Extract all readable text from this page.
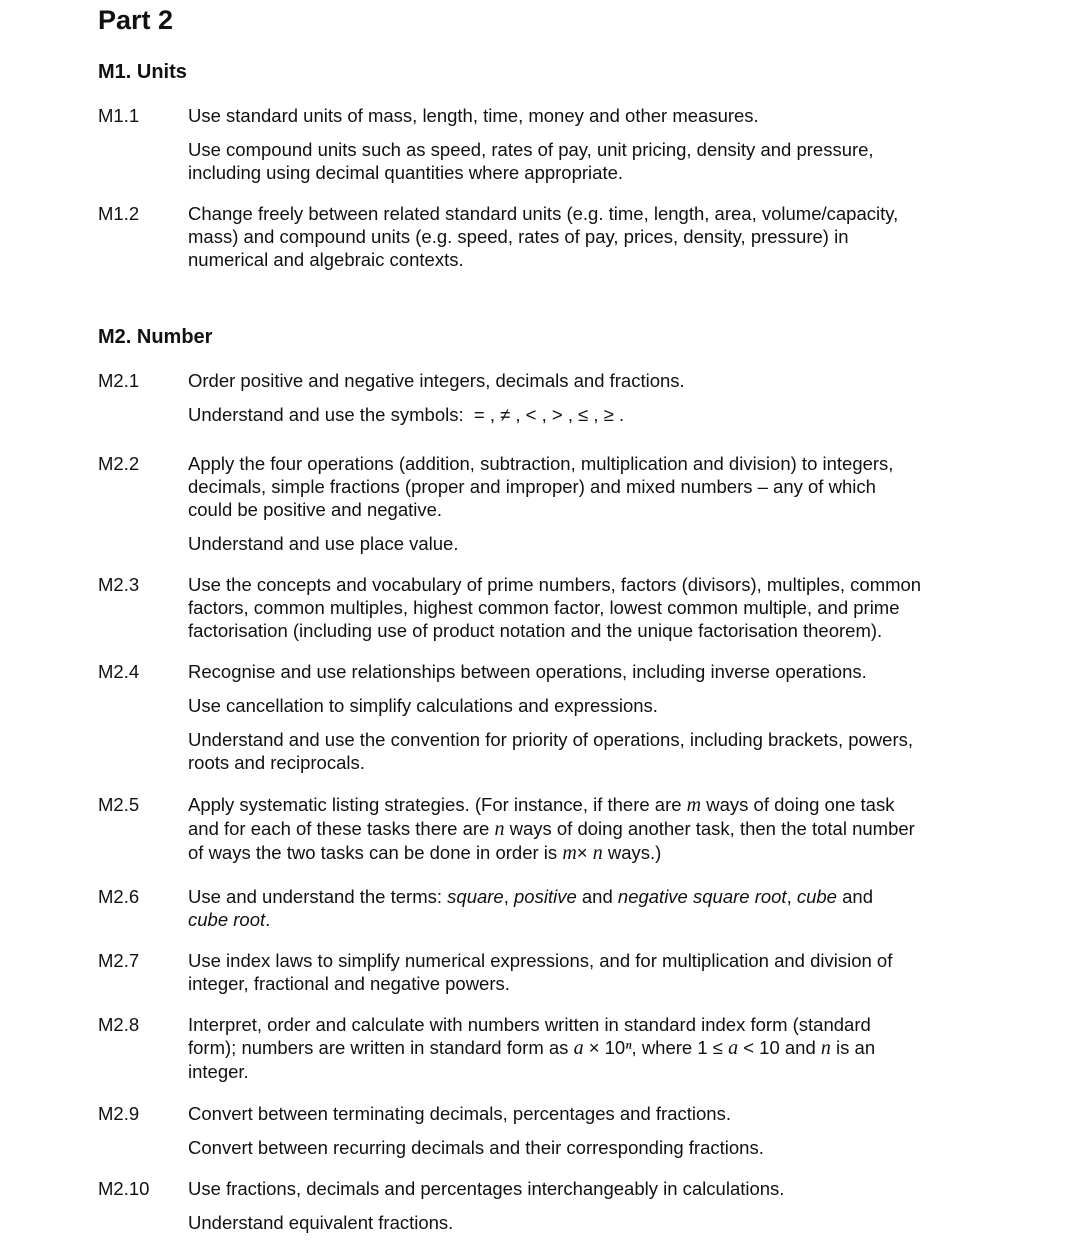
Part 2
M1. Units
M1.1	Use standard units of mass, length, time, money and other measures.

Use compound units such as speed, rates of pay, unit pricing, density and pressure,
including using decimal quantities where appropriate.

M1.2	Change freely between related standard units (e.g. time, length, area, volume/capacity,
mass) and compound units (e.g. speed, rates of pay, prices, density, pressure) in
numerical and algebraic contexts.

M2. Number
M2.1	Order positive and negative integers, decimals and fractions.

Understand and use the symbols:  = , ≠ , < , > , ≤ , ≥ .

M2.2	Apply the four operations (addition, subtraction, multiplication and division) to integers,
decimals, simple fractions (proper and improper) and mixed numbers – any of which
could be positive and negative.

Understand and use place value.

M2.3	Use the concepts and vocabulary of prime numbers, factors (divisors), multiples, common
factors, common multiples, highest common factor, lowest common multiple, and prime
factorisation (including use of product notation and the unique factorisation theorem).

M2.4	Recognise and use relationships between operations, including inverse operations.

Use cancellation to simplify calculations and expressions.

Understand and use the convention for priority of operations, including brackets, powers,
roots and reciprocals.

M2.5	Apply systematic listing strategies. (For instance, if there are m ways of doing one task
and for each of these tasks there are n ways of doing another task, then the total number
of ways the two tasks can be done in order is m× n ways.)

M2.6	Use and understand the terms: square, positive and negative square root, cube and
cube root.

M2.7	Use index laws to simplify numerical expressions, and for multiplication and division of
integer, fractional and negative powers.

M2.8	Interpret, order and calculate with numbers written in standard index form (standard
form); numbers are written in standard form as a × 10ⁿ, where 1 ≤ a < 10 and n is an
integer.

M2.9	Convert between terminating decimals, percentages and fractions.

Convert between recurring decimals and their corresponding fractions.

M2.10 Use fractions, decimals and percentages interchangeably in calculations.

Understand equivalent fractions.
